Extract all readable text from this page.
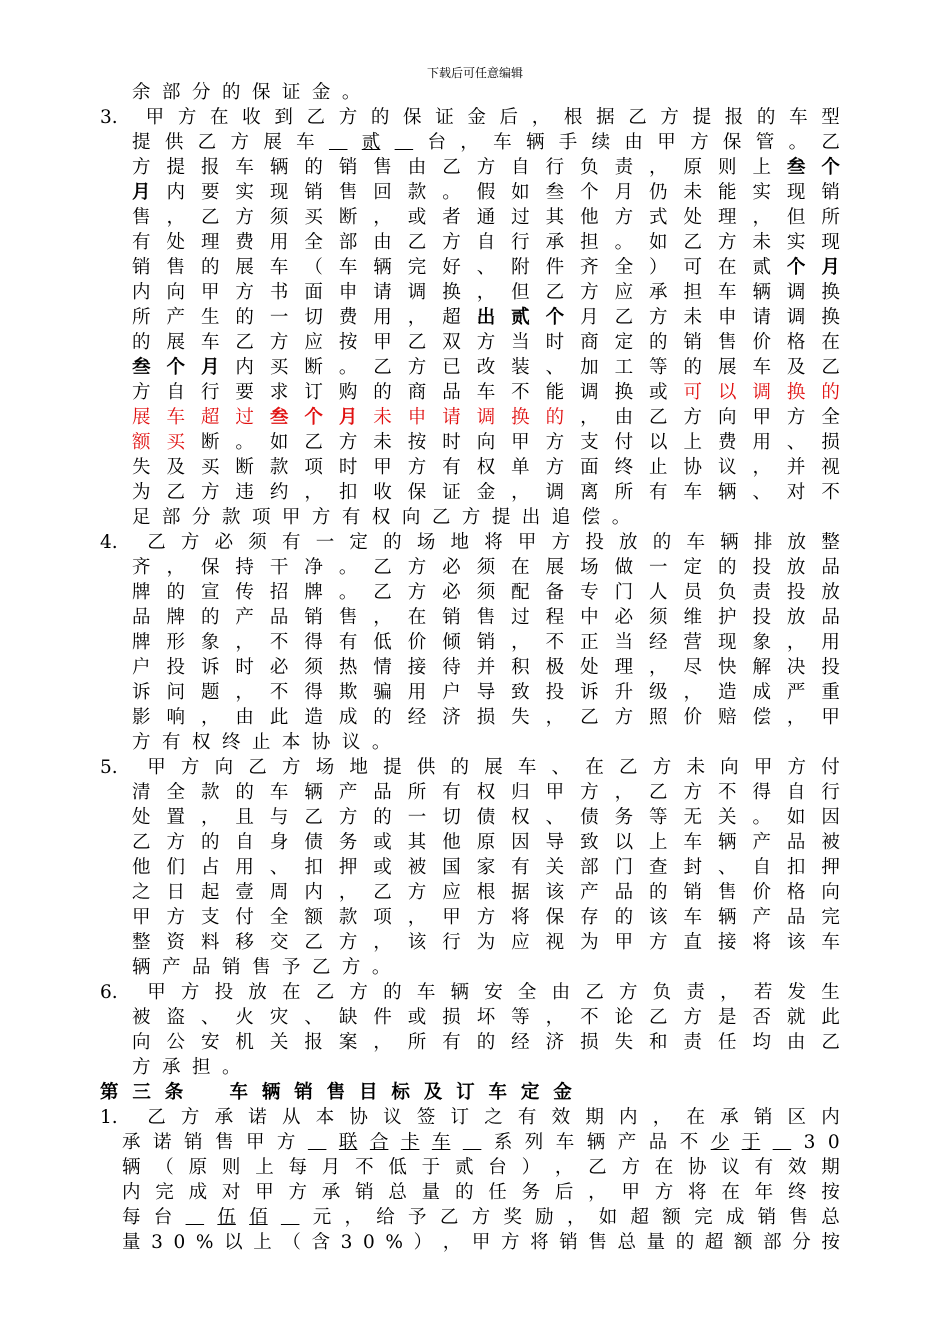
下载后可任意编辑
余 部 分 的 保 证 金 。
3.	甲 方 在 收 到 乙 方 的 保 证 金 后 ， 根 据 乙 方 提 报 的 车 型
提 供 乙 方 展 车
　	贰
　	台 ， 车 辆 手 续 由 甲 方 保 管 。 乙
方 提 报 车 辆 的 销 售 由 乙 方 自 行 负 责 ， 原 则 上 叁 个
月 内 要 实 现 销 售 回 款 。 假 如 叁 个 月 仍 未 能 实 现 销
售 ， 乙 方 须 买 断 ， 或 者 通 过 其 他 方 式 处 理 ， 但 所
有 处 理 费 用 全 部 由 乙 方 自 行 承 担 。 如 乙 方 未 实 现
销 售 的 展 车 （ 车 辆 完 好 、 附 件 齐 全 ） 可 在 贰 个 月
内 向 甲 方 书 面 申 请 调 换 ， 但 乙 方 应 承 担 车 辆 调 换
所 产 生 的 一 切 费 用 ， 超 出 贰 个 月 乙 方 未 申 请 调 换
的 展 车 乙 方 应 按 甲 乙 双 方 当 时 商 定 的 销 售 价 格 在
叁 个 月 内 买 断 。 乙 方 已 改 装 、 加 工 等 的 展 车 及 乙
方 自 行 要 求 订 购 的 商 品 车 不 能 调 换 或 可 以 调 换 的
展 车 超 过 叁 个 月 未 申 请 调 换 的 ， 由 乙 方 向 甲 方 全
额 买 断 。 如 乙 方 未 按 时 向 甲 方 支 付 以 上 费 用 、 损
失 及 买 断 款 项 时 甲 方 有 权 单 方 面 终 止 协 议 ， 并 视
为 乙 方 违 约 ， 扣 收 保 证 金 ， 调 离 所 有 车 辆 、 对 不
足 部 分 款 项 甲 方 有 权 向 乙 方 提 出 追 偿 。
4.	乙 方 必 须 有 一 定 的 场 地 将 甲 方 投 放 的 车 辆 排 放 整
齐 ， 保 持 干 净 。 乙 方 必 须 在 展 场 做 一 定 的 投 放 品
牌 的 宣 传 招 牌 。 乙 方 必 须 配 备 专 门 人 员 负 责 投 放
品 牌 的 产 品 销 售 ， 在 销 售 过 程 中 必 须 维 护 投 放 品
牌 形 象 ， 不 得 有 低 价 倾 销 ， 不 正 当 经 营 现 象 ， 用
户 投 诉 时 必 须 热 情 接 待 并 积 极 处 理 ， 尽 快 解 决 投
诉 问 题 ， 不 得 欺 骗 用 户 导 致 投 诉 升 级 ， 造 成 严 重
影 响 ， 由 此 造 成 的 经 济 损 失 ， 乙 方 照 价 赔 偿 ， 甲
方 有 权 终 止 本 协 议 。
5.	甲 方 向 乙 方 场 地 提 供 的 展 车 、 在 乙 方 未 向 甲 方 付
清 全 款 的 车 辆 产 品 所 有 权 归 甲 方 ， 乙 方 不 得 自 行
处 置 ， 且 与 乙 方 的 一 切 债 权 、 债 务 等 无 关 。 如 因
乙 方 的 自 身 债 务 或 其 他 原 因 导 致 以 上 车 辆 产 品 被
他 们 占 用 、 扣 押 或 被 国 家 有 关 部 门 查 封 、 自 扣 押
之 日 起 壹 周 内 ， 乙 方 应 根 据 该 产 品 的 销 售 价 格 向
甲 方 支 付 全 额 款 项 ， 甲 方 将 保 存 的 该 车 辆 产 品 完
整 资 料 移 交 乙 方 ， 该 行 为 应 视 为 甲 方 直 接 将 该 车
辆 产 品 销 售 予 乙 方 。
6.	甲 方 投 放 在 乙 方 的 车 辆 安 全 由 乙 方 负 责 ， 若 发 生
被 盗 、 火 灾 、 缺 件 或 损 坏 等 ， 不 论 乙 方 是 否 就 此
向 公 安 机 关 报 案 ， 所 有 的 经 济 损 失 和 责 任 均 由 乙
方 承 担 。
第三条　车辆销售目标及订车定金
1.	乙 方 承 诺 从 本 协 议 签 订 之 有 效 期 内 ， 在 承 销 区 内
承 诺 销 售 甲 方
　 联 合 卡 车
　 系 列 车 辆 产 品 不 少 于
　 3 0
辆 （ 原 则 上 每 月 不 低 于 贰 台 ） ， 乙 方 在 协 议 有 效 期
内 完 成 对 甲 方 承 销 总 量 的 任 务 后 ， 甲 方 将 在 年 终 按
每 台
　 伍 佰
　 元 ， 给 予 乙 方 奖 励 ， 如 超 额 完 成 销 售 总
量 3 0 % 以 上 （ 含 3 0 % ） ， 甲 方 将 销 售 总 量 的 超 额 部 分 按
